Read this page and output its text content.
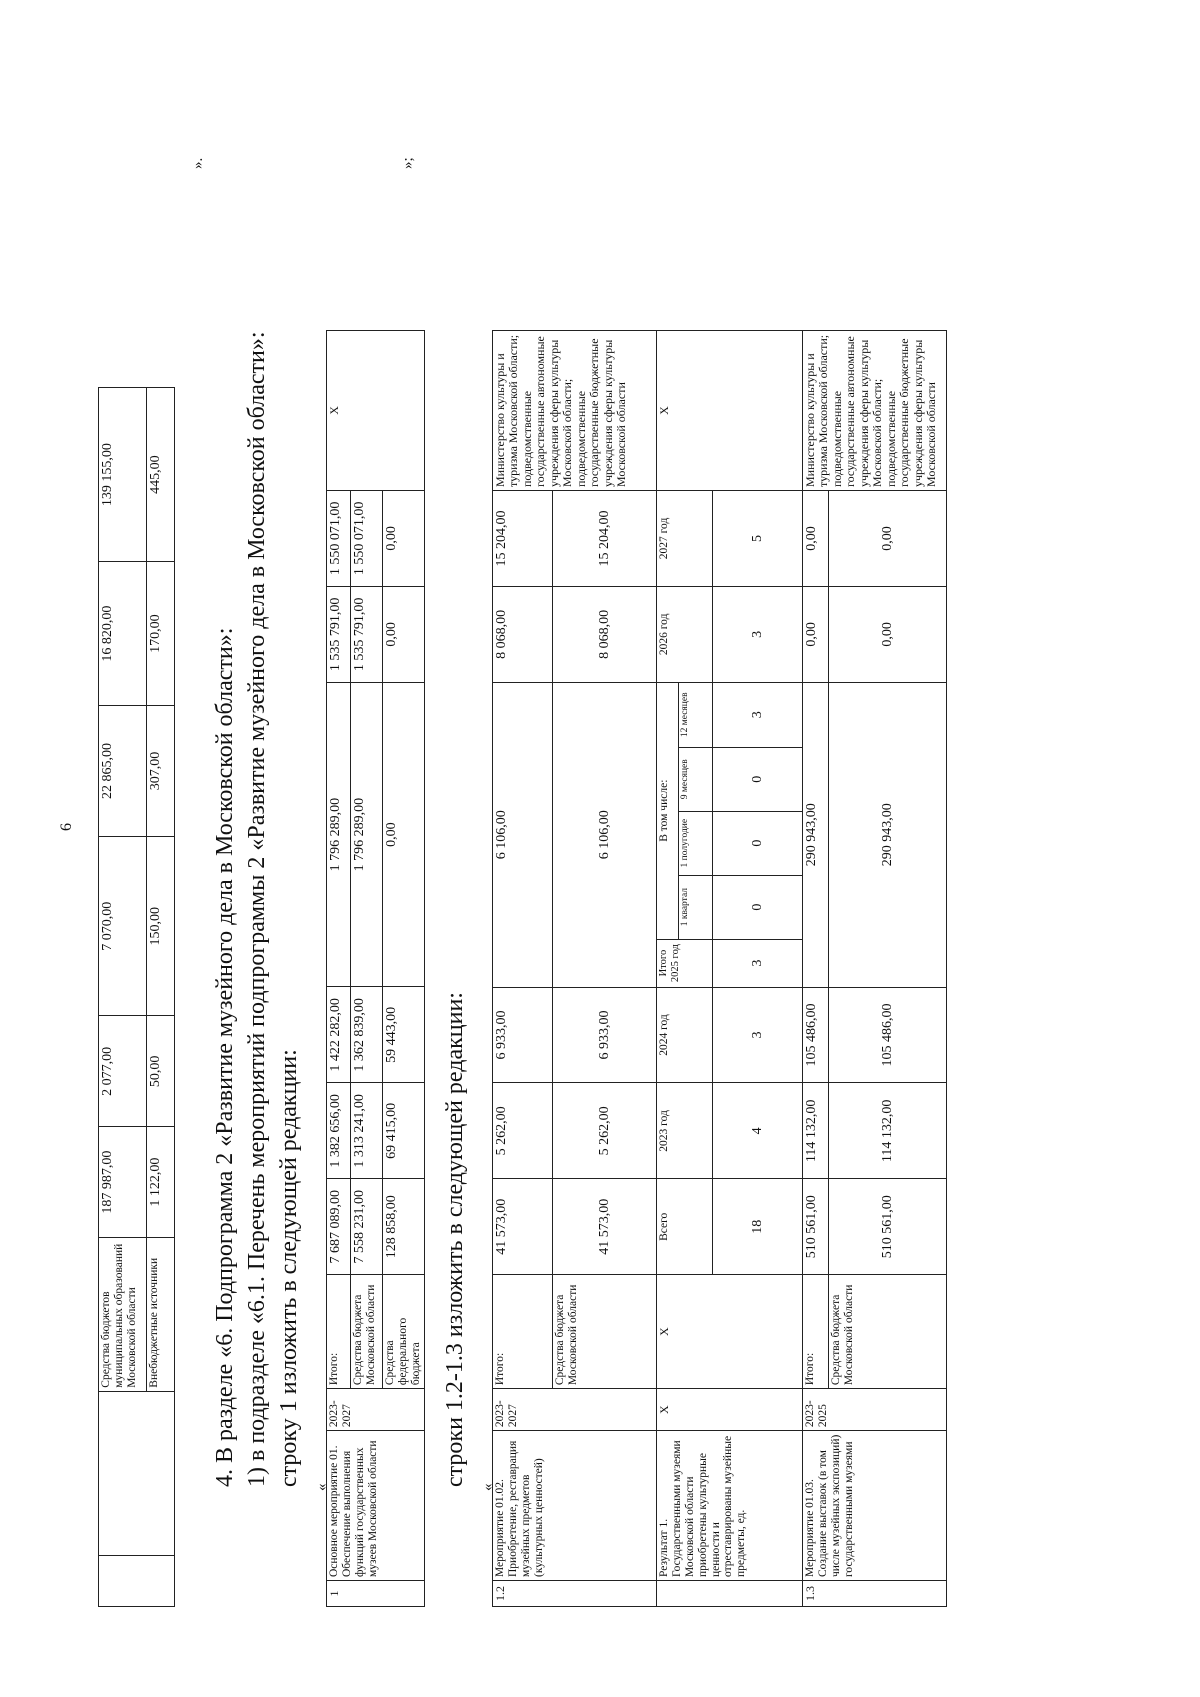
6
		Средства бюджетов муниципальных образований Московской области	187 987,00	2 077,00	7 070,00	22 865,00	16 820,00	139 155,00
		Внебюджетные источники	1 122,00	50,00	150,00	307,00	170,00	445,00
».
4. В разделе «6. Подпрограмма 2 «Развитие музейного дела в Московской области»: 1) в подразделе «6.1. Перечень мероприятий подпрограммы 2 «Развитие музейного дела в Московской области»: строку 1 изложить в следующей редакции:
«
1	Основное мероприятие 01. Обеспечение выполнения функций государственных музеев Московской области	2023-2027	Итого:	7 687 089,00	1 382 656,00	1 422 282,00	1 796 289,00	1 535 791,00	1 550 071,00	X
			Средства бюджета Московской области	7 558 231,00	1 313 241,00	1 362 839,00	1 796 289,00	1 535 791,00	1 550 071,00	
			Средства федерального бюджета	128 858,00	69 415,00	59 443,00	0,00	0,00	0,00	
»;
строки 1.2-1.3 изложить в следующей редакции:
«
1.2	Мероприятие 01.02. Приобретение, реставрация музейных предметов (культурных ценностей)	2023-2027	Итого:	41 573,00	5 262,00	6 933,00	6 106,00					8 068,00	15 204,00	Министерство культуры и туризма Московской области; подведомственные государственные автономные учреждения сферы культуры Московской области; подведомственные государственные бюджетные учреждения сферы культуры Московской области
			Средства бюджета Московской области	41 573,00	5 262,00	6 933,00	6 106,00					8 068,00	15 204,00	
	Результат 1. Государственными музеями Московской области приобретены культурные ценности и отреставрированы музейные предметы, ед.	X	X	Всего	2023 год	2024 год	Итого 2025 год	В том числе:				2026 год	2027 год	X
								1 квартал	1 полугодие	9 месяцев	12 месяцев			
				18	4	3	3	0	0	0	3	3	5	
1.3	Мероприятие 01.03. Создание выставок (в том числе музейных экспозиций) государственными музеями	2023-2025	Итого:	510 561,00	114 132,00	105 486,00	290 943,00					0,00	0,00	Министерство культуры и туризма Московской области; подведомственные государственные автономные учреждения сферы культуры Московской области; подведомственные государственные бюджетные учреждения сферы культуры Московской области
			Средства бюджета Московской области	510 561,00	114 132,00	105 486,00	290 943,00					0,00	0,00	
